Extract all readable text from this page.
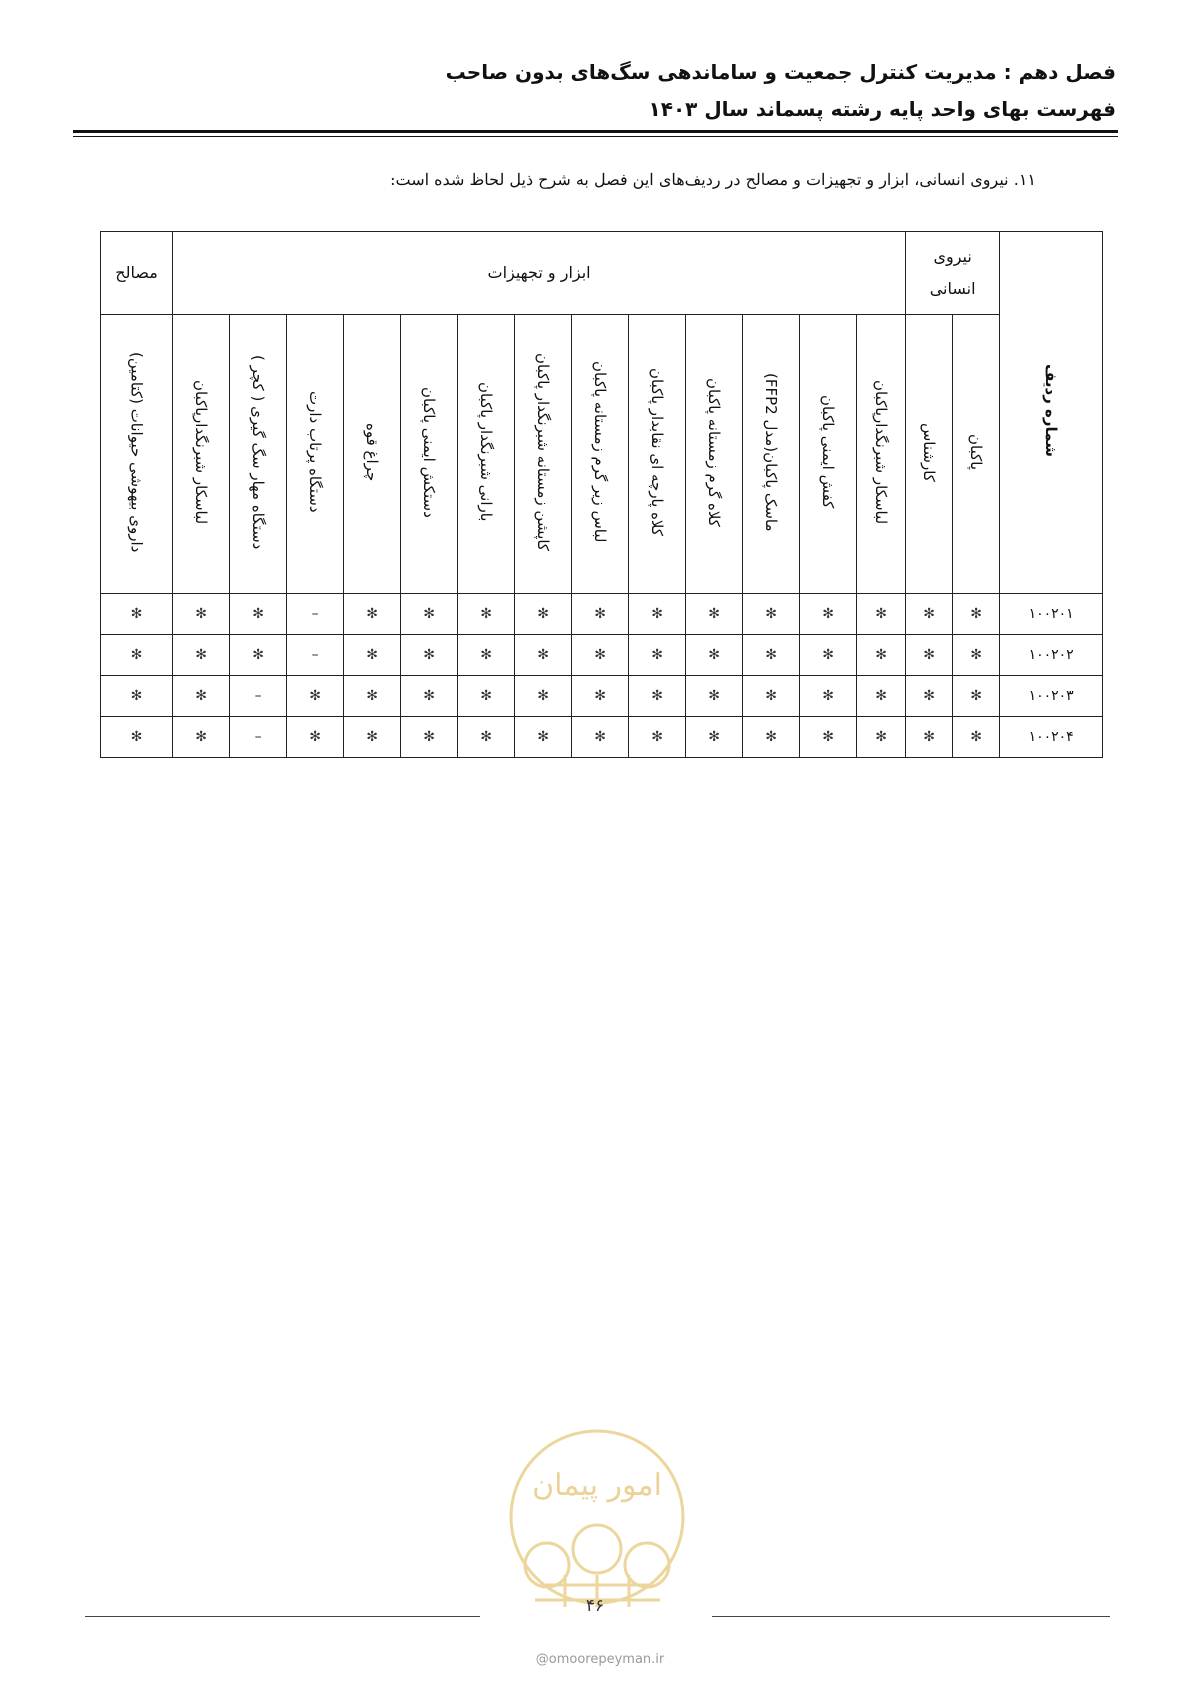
فصل دهم : مدیریت کنترل جمعیت و ساماندهی سگ‌های بدون صاحب
فهرست بهای واحد پایه رشته پسماند سال ۱۴۰۳
۱۱. نیروی انسانی، ابزار و تجهیزات و مصالح در ردیف‌های این فصل به شرح ذیل لحاظ شده است:
شماره ردیف	نیروی انسانی		ابزار و تجهیزات													مصالح
	پاکبان	کارشناس	لباسکار شبرنگدارپاکبان	کفش ایمنی پاکبان	ماسک پاکبان(مدل FFP2)	کلاه گرم زمستانه پاکبان	کلاه پارچه ای نقابدار پاکبان	لباس زیر گرم زمستانه پاکبان	کاپشن زمستانه شبرنگدار پاکبان	بارانی شبرنگدار پاکبان	دستکش ایمنی پاکبان	چراغ قوه	دستگاه پرتاب دارت	دستگاه مهار سگ گیری ( کچر )	لباسکار شبرنگدارپاکبان	داروی بیهوشی حیوانات (کتامین)
۱۰۰۲۰۱	✻	✻	✻	✻	✻	✻	✻	✻	✻	✻	✻	✻	–	✻	✻	✻
۱۰۰۲۰۲	✻	✻	✻	✻	✻	✻	✻	✻	✻	✻	✻	✻	–	✻	✻	✻
۱۰۰۲۰۳	✻	✻	✻	✻	✻	✻	✻	✻	✻	✻	✻	✻	✻	–	✻	✻
۱۰۰۲۰۴	✻	✻	✻	✻	✻	✻	✻	✻	✻	✻	✻	✻	✻	–	✻	✻
امور پیمان
۴۶
@omoorepeyman.ir
